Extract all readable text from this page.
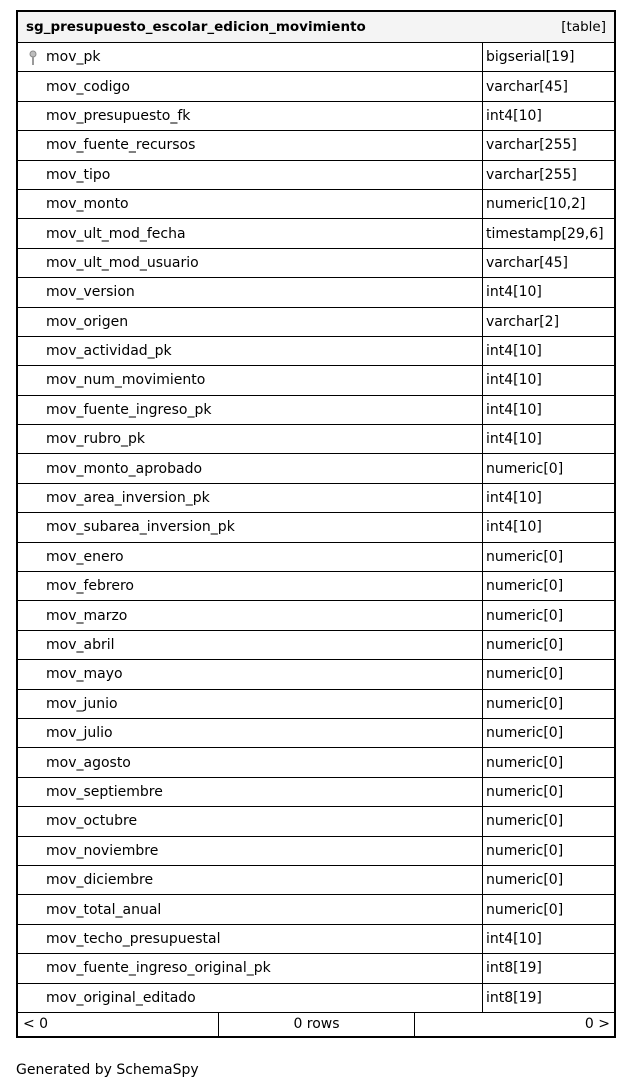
sg_presupuesto_escolar_edicion_movimiento	[table]
mov_pk	bigserial[19]
mov_codigo	varchar[45]
mov_presupuesto_fk	int4[10]
mov_fuente_recursos	varchar[255]
mov_tipo	varchar[255]
mov_monto	numeric[10,2]
mov_ult_mod_fecha	timestamp[29,6]
mov_ult_mod_usuario	varchar[45]
mov_version	int4[10]
mov_origen	varchar[2]
mov_actividad_pk	int4[10]
mov_num_movimiento	int4[10]
mov_fuente_ingreso_pk	int4[10]
mov_rubro_pk	int4[10]
mov_monto_aprobado	numeric[0]
mov_area_inversion_pk	int4[10]
mov_subarea_inversion_pk	int4[10]
mov_enero	numeric[0]
mov_febrero	numeric[0]
mov_marzo	numeric[0]
mov_abril	numeric[0]
mov_mayo	numeric[0]
mov_junio	numeric[0]
mov_julio	numeric[0]
mov_agosto	numeric[0]
mov_septiembre	numeric[0]
mov_octubre	numeric[0]
mov_noviembre	numeric[0]
mov_diciembre	numeric[0]
mov_total_anual	numeric[0]
mov_techo_presupuestal	int4[10]
mov_fuente_ingreso_original_pk	int8[19]
mov_original_editado	int8[19]
< 0	0 rows	0 >
Generated by SchemaSpy
